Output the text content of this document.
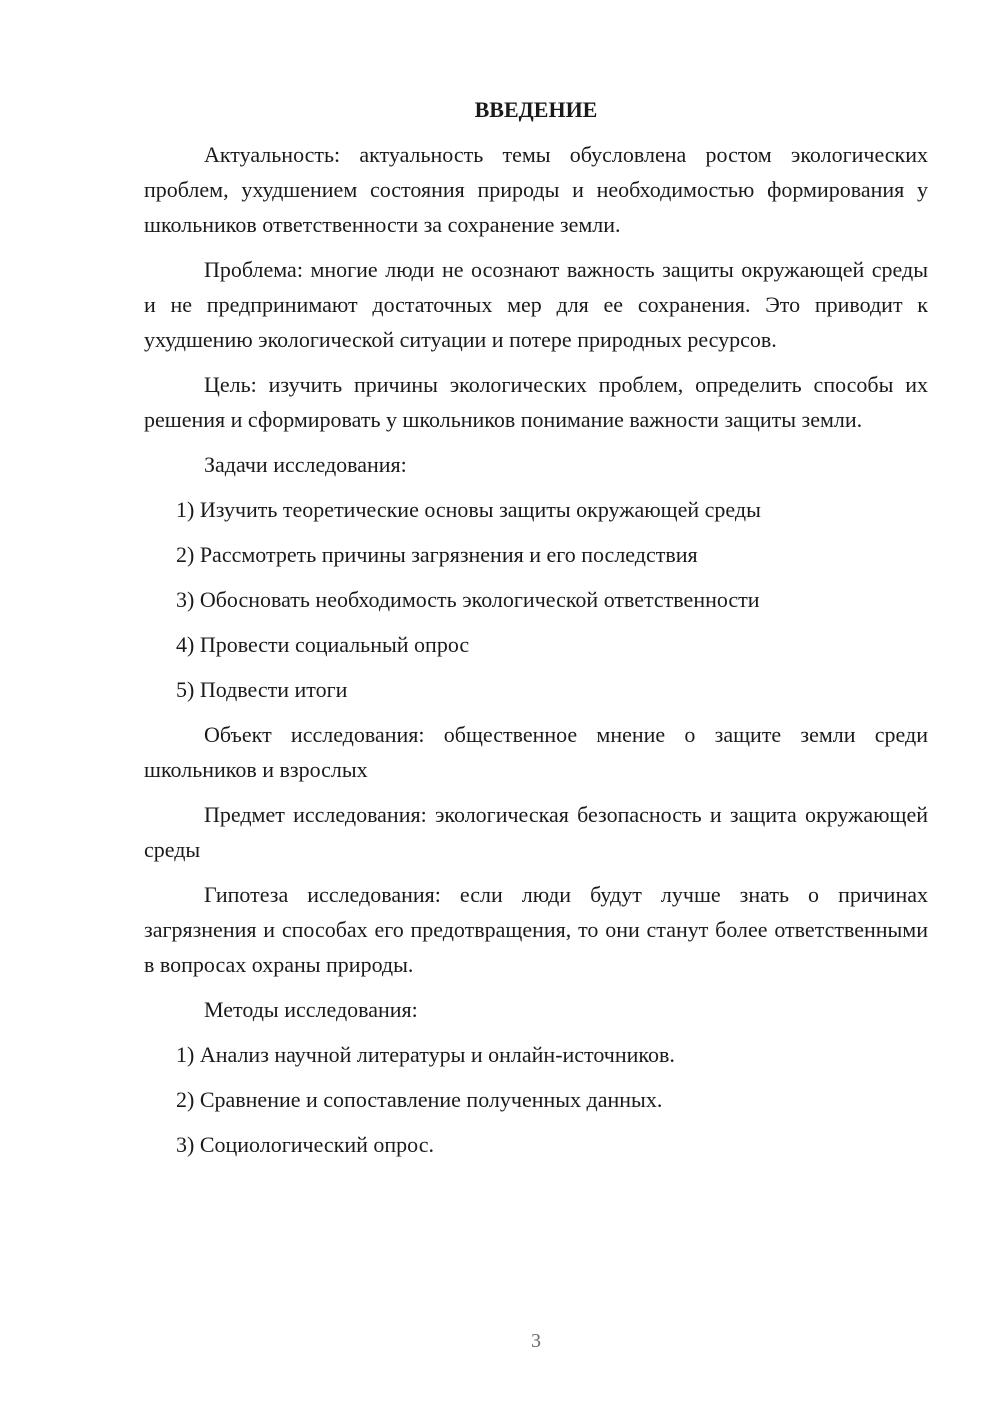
ВВЕДЕНИЕ

Актуальность: актуальность темы обусловлена ростом экологических проблем, ухудшением состояния природы и необходимостью формирования у школьников ответственности за сохранение земли.

Проблема: многие люди не осознают важность защиты окружающей среды и не предпринимают достаточных мер для ее сохранения. Это приводит к ухудшению экологической ситуации и потере природных ресурсов.

Цель: изучить причины экологических проблем, определить способы их решения и сформировать у школьников понимание важности защиты земли.

Задачи исследования:

1) Изучить теоретические основы защиты окружающей среды
2) Рассмотреть причины загрязнения и его последствия
3) Обосновать необходимость экологической ответственности
4) Провести социальный опрос
5) Подвести итоги

Объект исследования: общественное мнение о защите земли среди школьников и взрослых

Предмет исследования: экологическая безопасность и защита окружающей среды

Гипотеза исследования: если люди будут лучше знать о причинах загрязнения и способах его предотвращения, то они станут более ответственными в вопросах охраны природы.

Методы исследования:

1) Анализ научной литературы и онлайн-источников.
2) Сравнение и сопоставление полученных данных.
3) Социологический опрос.
3
